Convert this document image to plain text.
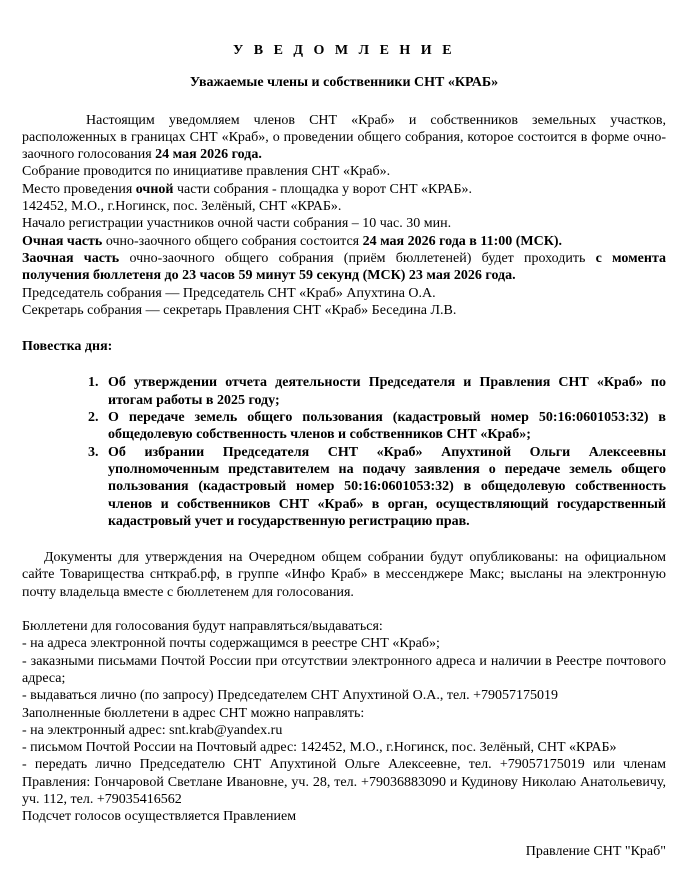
У В Е Д О М Л Е Н И Е
Уважаемые члены и собственники СНТ «КРАБ»

Настоящим уведомляем членов СНТ «Краб» и собственников земельных участков, расположенных в границах СНТ «Краб», о проведении общего собрания, которое состоится в форме очно-заочного голосования 24 мая 2026 года.

Собрание проводится по инициативе правления СНТ «Краб».

Место проведения очной части собрания - площадка у ворот СНТ «КРАБ».

142452, М.О., г.Ногинск, пос. Зелёный, СНТ «КРАБ».

Начало регистрации участников очной части собрания – 10 час. 30 мин.

Очная часть очно-заочного общего собрания состоится 24 мая 2026 года в 11:00 (МСК).

Заочная часть очно-заочного общего собрания (приём бюллетеней) будет проходить с момента получения бюллетеня до 23 часов 59 минут 59 секунд (МСК) 23 мая 2026 года.

Председатель собрания — Председатель СНТ «Краб» Апухтина О.А.

Секретарь собрания — секретарь Правления СНТ «Краб» Беседина Л.В.

Повестка дня:
1. Об утверждении отчета деятельности Председателя и Правления СНТ «Краб» по итогам работы в 2025 году;
2. О передаче земель общего пользования (кадастровый номер 50:16:0601053:32) в общедолевую собственность членов и собственников СНТ «Краб»;
3. Об избрании Председателя СНТ «Краб» Апухтиной Ольги Алексеевны уполномоченным представителем на подачу заявления о передаче земель общего пользования (кадастровый номер 50:16:0601053:32) в общедолевую собственность членов и собственников СНТ «Краб» в орган, осуществляющий государственный кадастровый учет и государственную регистрацию прав.

Документы для утверждения на Очередном общем собрании будут опубликованы: на официальном сайте Товарищества снткраб.рф, в группе «Инфо Краб» в мессенджере Макс; высланы на электронную почту владельца вместе с бюллетенем для голосования.

Бюллетени для голосования будут направляться/выдаваться:

- на адреса электронной почты содержащимся в реестре СНТ «Краб»;

- заказными письмами Почтой России при отсутствии электронного адреса и наличии в Реестре почтового адреса;

- выдаваться лично (по запросу) Председателем СНТ Апухтиной О.А., тел. +79057175019

Заполненные бюллетени в адрес СНТ можно направлять:

- на электронный адрес: snt.krab@yandex.ru

- письмом Почтой России на Почтовый адрес: 142452, М.О., г.Ногинск, пос. Зелёный, СНТ «КРАБ»

- передать лично Председателю СНТ Апухтиной Ольге Алексеевне, тел. +79057175019 или членам Правления: Гончаровой Светлане Ивановне, уч. 28, тел. +79036883090 и Кудинову Николаю Анатольевичу, уч. 112, тел. +79035416562

Подсчет голосов осуществляется Правлением

Правление СНТ "Краб"
